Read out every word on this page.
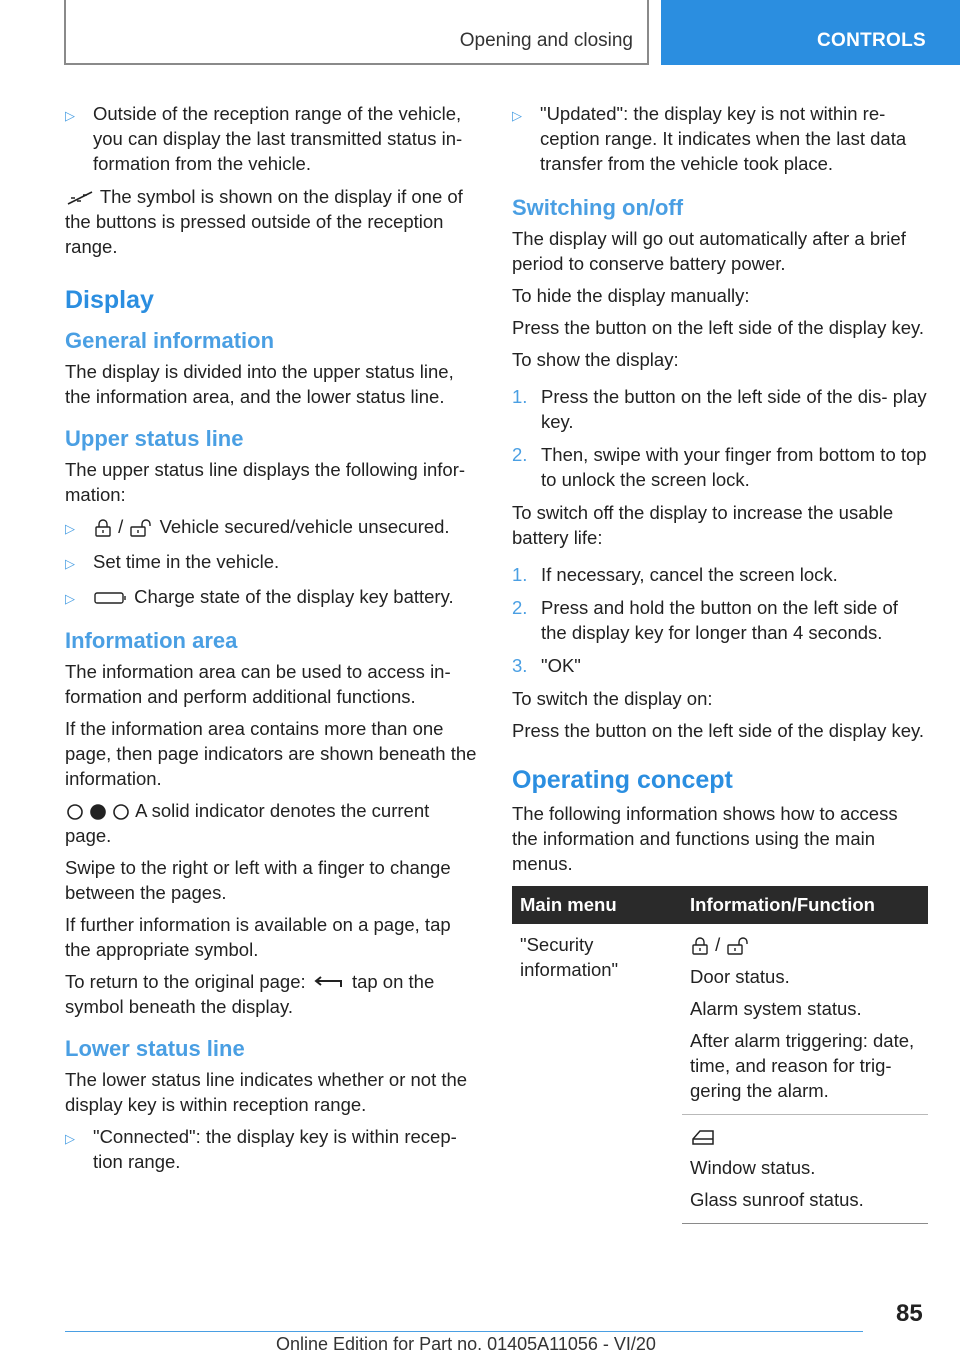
Opening and closing	CONTROLS
▷ Outside of the reception range of the vehicle, you can display the last transmitted status in- formation from the vehicle.

The symbol is shown on the display if one of the buttons is pressed outside of the reception range.

Display
General information

The display is divided into the upper status line, the information area, and the lower status line.

Upper status line

The upper status line displays the following infor- mation:

▷	/ Vehicle secured/vehicle unsecured.
▷ Set time in the vehicle.
▷	Charge state of the display key battery.
Information area

The information area can be used to access in- formation and perform additional functions.

If the information area contains more than one page, then page indicators are shown beneath the information.

A solid indicator denotes the current page.

Swipe to the right or left with a finger to change between the pages.

If further information is available on a page, tap the appropriate symbol.

To return to the original page:	tap on the symbol beneath the display.

Lower status line

The lower status line indicates whether or not the display key is within reception range.

▷ "Connected": the display key is within recep- tion range.
▷ "Updated": the display key is not within re- ception range. It indicates when the last data transfer from the vehicle took place.
Switching on/off

The display will go out automatically after a brief period to conserve battery power.

To hide the display manually:

Press the button on the left side of the display key.

To show the display:

1. Press the button on the left side of the dis- play key.
2. Then, swipe with your finger from bottom to top to unlock the screen lock.

To switch off the display to increase the usable battery life:

1. If necessary, cancel the screen lock.
2. Press and hold the button on the left side of the display key for longer than 4 seconds.
3. "OK"

To switch the display on:

Press the button on the left side of the display key.

Operating concept

The following information shows how to access the information and functions using the main menus.

Main menu	Information/Function
"Security information"	/

Door status.

Alarm system status.

After alarm triggering: date, time, and reason for trig- gering the alarm.

	Window status.

Glass sunroof status.

85
Online Edition for Part no. 01405A11056 - VI/20
